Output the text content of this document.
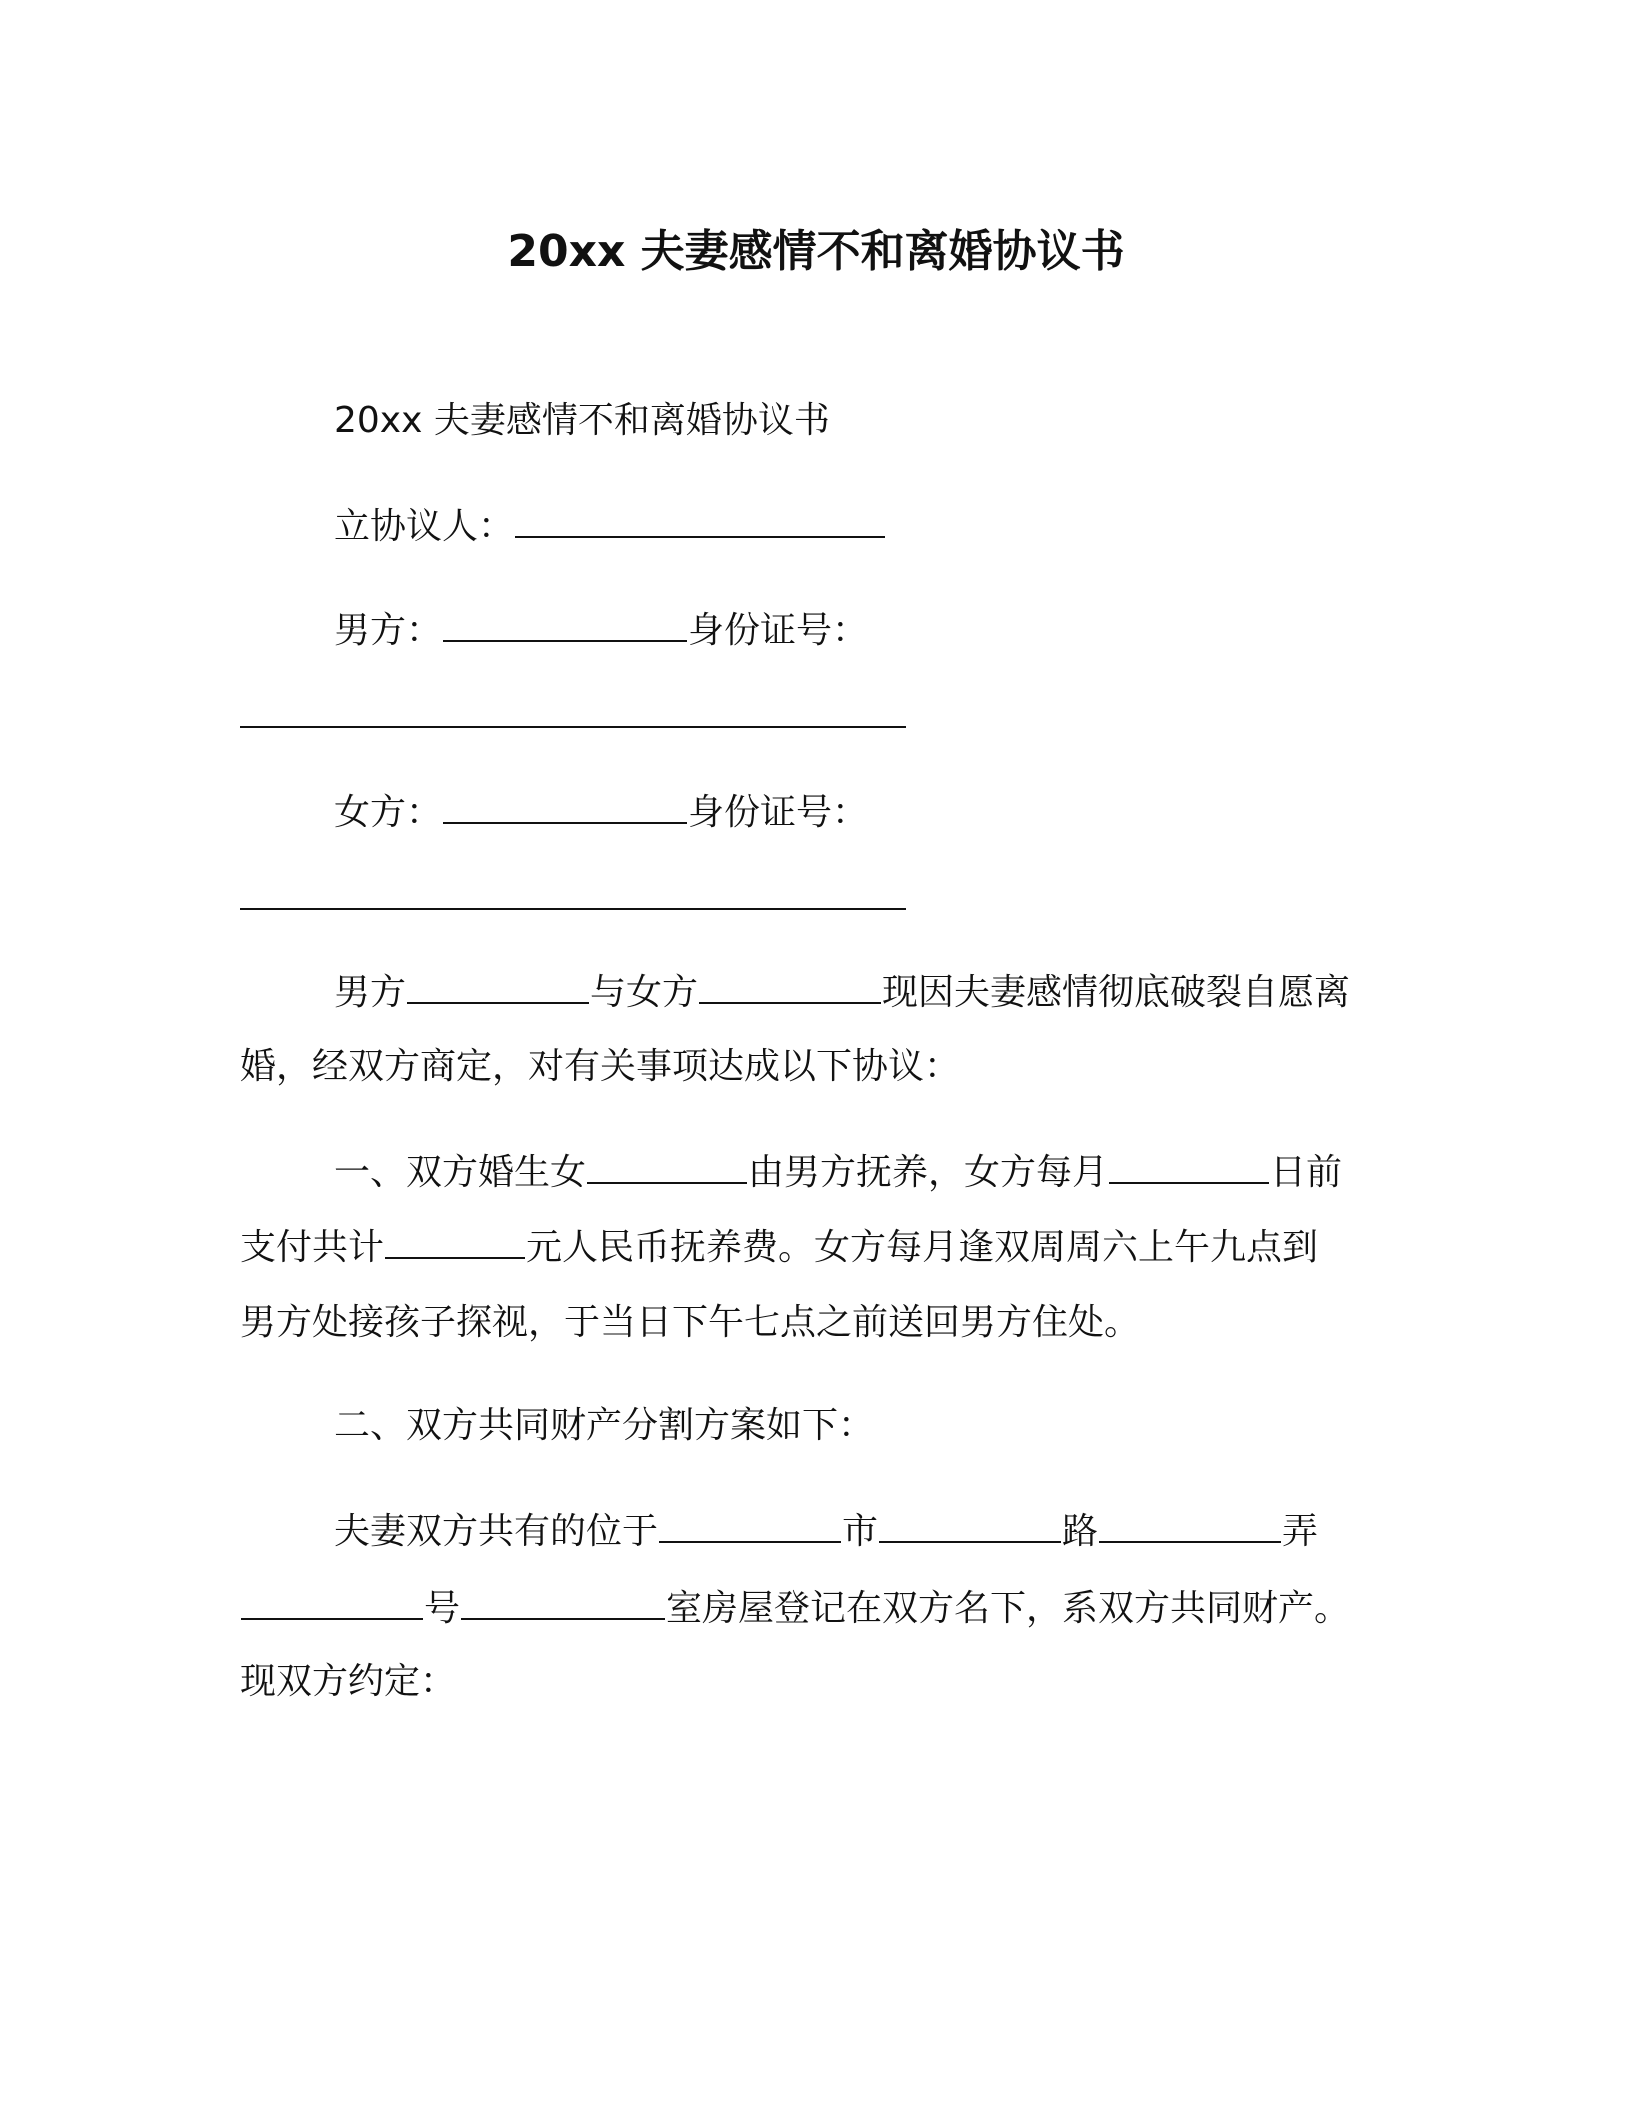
20xx 夫妻感情不和离婚协议书
20xx 夫妻感情不和离婚协议书
立协议人：
男方：	身份证号：
女方：	身份证号：
男方	与女方	现因夫妻感情彻底破裂自愿离
婚，经双方商定，对有关事项达成以下协议：
一、双方婚生女	由男方抚养，女方每月	日前
支付共计	元人民币抚养费。女方每月逢双周周六上午九点到
男方处接孩子探视，于当日下午七点之前送回男方住处。
二、双方共同财产分割方案如下：
夫妻双方共有的位于	市	路	弄
号	室房屋登记在双方名下，系双方共同财产。
现双方约定：
